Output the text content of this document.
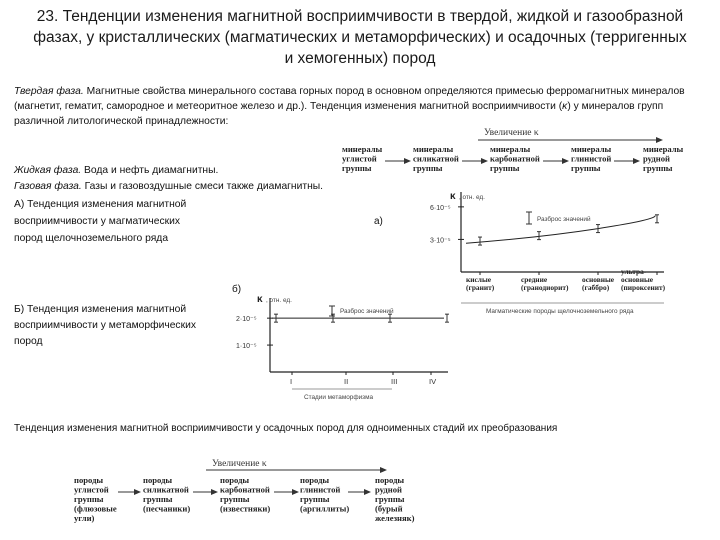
23. Тенденции изменения магнитной восприимчивости в твердой, жидкой и газообразной фазах, у кристаллических (магматических и метаморфических) и осадочных (терригенных и хемогенных) пород
Твердая фаза. Магнитные свойства минерального состава горных пород в основном определяются примесью ферромагнитных минералов (магнетит, гематит, самородное и метеоритное железо и др.). Тенденция изменения магнитной восприимчивости (κ) у минералов групп различной литологической принадлежности:
Жидкая фаза. Вода и нефть диамагнитны.
Газовая фаза. Газы и газовоздушные смеси также диамагнитны.
А) Тенденция изменения магнитной
восприимчивости у магматических
пород щелочноземельного ряда
а)
б)
Б) Тенденция изменения магнитной
восприимчивости у метаморфических
пород
Тенденция изменения магнитной восприимчивости у осадочных пород для одноименных стадий их преобразования
Увеличение κ
минералы
углистой
группы
минералы
силикатной
группы
минералы
карбонатной
группы
минералы
глинистой
группы
минералы
рудной
группы
κ , отн. ед.
6·10⁻⁵
3·10⁻⁵
Разброс значений
кислые
(гранит)
средние
(гранодиорит)
основные
(габбро)
ультра-
основные
(пироксенит)
Магматические породы щелочноземельного ряда
κ , отн. ед.
2·10⁻⁵
1·10⁻⁵
Разброс значений
I	II	III	IV
Стадии метаморфизма
Увеличение κ
породы
углистой
группы
(флюзовые
угли)
породы
силикатной
группы
(песчаники)
породы
карбонатной
группы
(известняки)
породы
глинистой
группы
(аргиллиты)
породы
рудной
группы
(бурый
железняк)
